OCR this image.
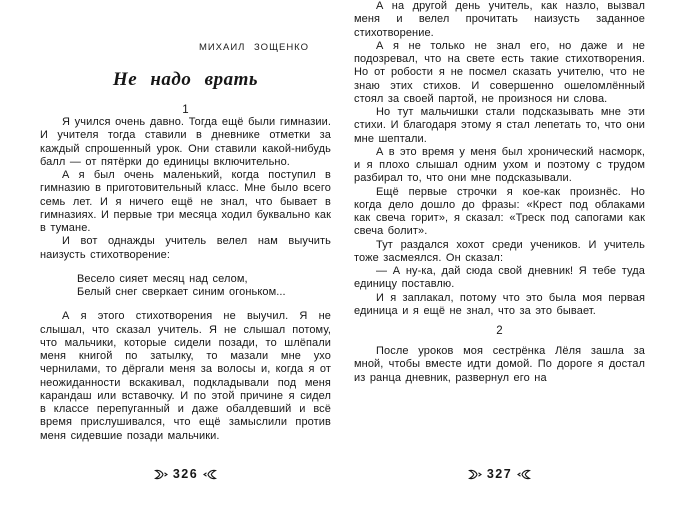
МИХАИЛ ЗОЩЕНКО
Не надо врать
1

Я учился очень давно. Тогда ещё были гимназии. И учителя тогда ставили в дневнике отметки за каждый спрошенный урок. Они ставили какой-нибудь балл — от пятёрки до единицы включительно.

А я был очень маленький, когда поступил в гимназию в приготовительный класс. Мне было всего семь лет. И я ничего ещё не знал, что бывает в гимназиях. И первые три месяца ходил буквально как в тумане.

И вот однажды учитель велел нам выучить наизусть стихотворение:

Весело сияет месяц над селом,
Белый снег сверкает синим огоньком...

А я этого стихотворения не выучил. Я не слышал, что сказал учитель. Я не слышал потому, что мальчики, которые сидели позади, то шлёпали меня книгой по затылку, то мазали мне ухо чернилами, то дёргали меня за волосы и, когда я от неожиданности вскакивал, подкладывали под меня карандаш или вставочку. И по этой причине я сидел в классе перепуганный и даже обалдевший и всё время прислушивался, что ещё замыслили против меня сидевшие позади мальчики.

326

А на другой день учитель, как назло, вызвал меня и велел прочитать наизусть заданное стихотворение.

А я не только не знал его, но даже и не подозревал, что на свете есть такие стихотворения. Но от робости я не посмел сказать учителю, что не знаю этих стихов. И совершенно ошеломлённый стоял за своей партой, не произнося ни слова.

Но тут мальчишки стали подсказывать мне эти стихи. И благодаря этому я стал лепетать то, что они мне шептали.

А в это время у меня был хронический насморк, и я плохо слышал одним ухом и поэтому с трудом разбирал то, что они мне подсказывали.

Ещё первые строчки я кое-как произнёс. Но когда дело дошло до фразы: «Крест под облаками как свеча горит», я сказал: «Треск под сапогами как свеча болит».

Тут раздался хохот среди учеников. И учитель тоже засмеялся. Он сказал:

— А ну-ка, дай сюда свой дневник! Я тебе туда единицу поставлю.

И я заплакал, потому что это была моя первая единица и я ещё не знал, что за это бывает.

2

После уроков моя сестрёнка Лёля зашла за мной, чтобы вместе идти домой. По дороге я достал из ранца дневник, развернул его на

327
